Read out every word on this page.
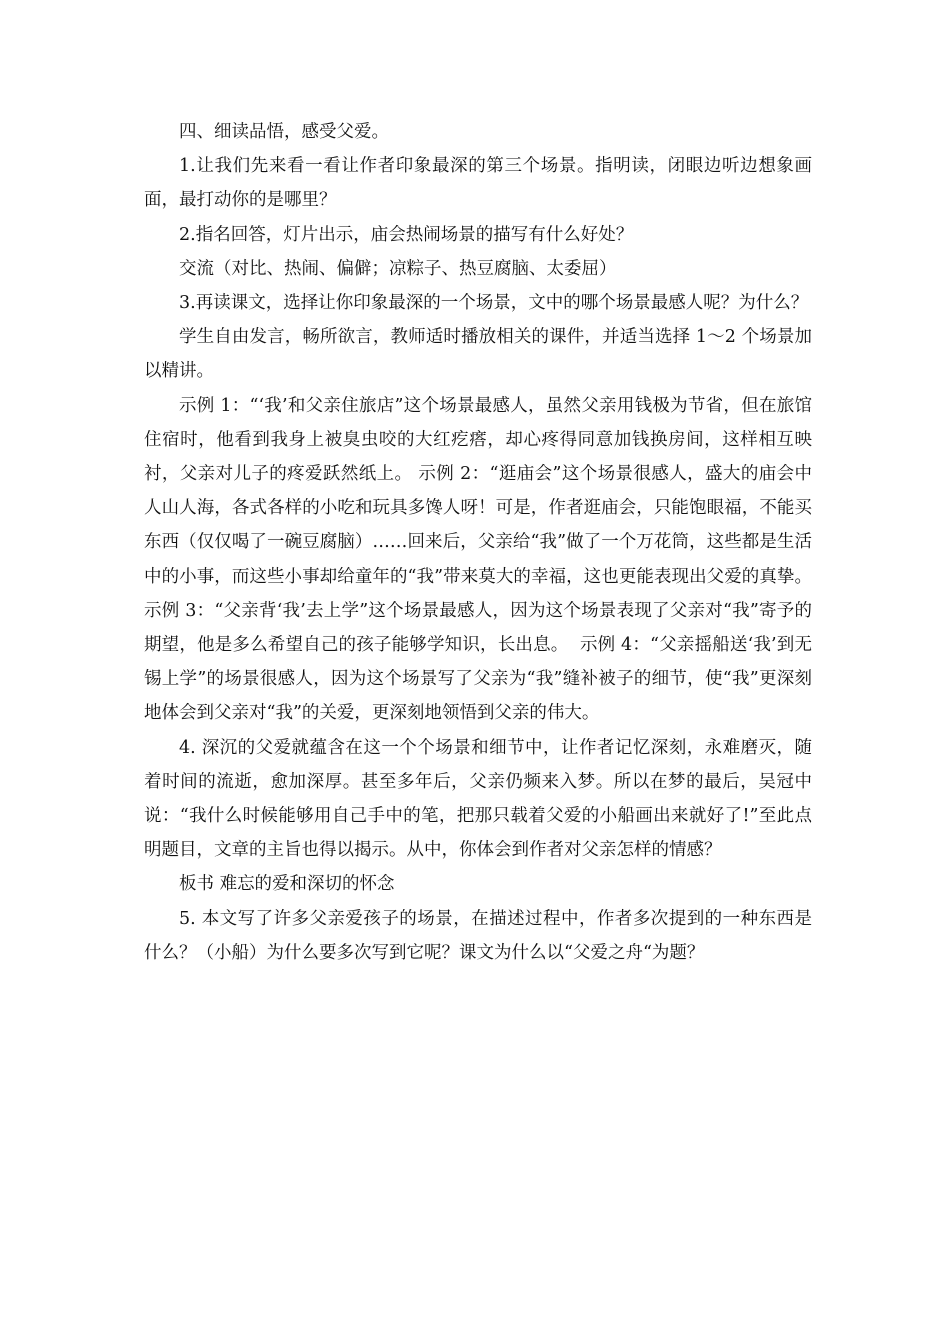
四、细读品悟，感受父爱。

1.让我们先来看一看让作者印象最深的第三个场景。指明读，闭眼边听边想象画面，最打动你的是哪里？

2.指名回答，灯片出示，庙会热闹场景的描写有什么好处？

交流（对比、热闹、偏僻；凉粽子、热豆腐脑、太委屈）

3.再读课文，选择让你印象最深的一个场景，文中的哪个场景最感人呢？为什么？

学生自由发言，畅所欲言，教师适时播放相关的课件，并适当选择 1～2 个场景加以精讲。

示例 1：“‘我’和父亲住旅店”这个场景最感人，虽然父亲用钱极为节省，但在旅馆住宿时，他看到我身上被臭虫咬的大红疙瘩，却心疼得同意加钱换房间，这样相互映衬，父亲对儿子的疼爱跃然纸上。 示例 2：“逛庙会”这个场景很感人，盛大的庙会中人山人海，各式各样的小吃和玩具多馋人呀！可是，作者逛庙会，只能饱眼福，不能买东西（仅仅喝了一碗豆腐脑）……回来后，父亲给“我”做了一个万花筒，这些都是生活中的小事，而这些小事却给童年的“我”带来莫大的幸福，这也更能表现出父爱的真挚。  示例 3：“父亲背‘我’去上学”这个场景最感人，因为这个场景表现了父亲对“我”寄予的期望，他是多么希望自己的孩子能够学知识，长出息。  示例 4：“父亲摇船送‘我’到无锡上学”的场景很感人，因为这个场景写了父亲为“我”缝补被子的细节，使“我”更深刻地体会到父亲对“我”的关爱，更深刻地领悟到父亲的伟大。

4. 深沉的父爱就蕴含在这一个个场景和细节中，让作者记忆深刻，永难磨灭，随着时间的流逝，愈加深厚。甚至多年后，父亲仍频来入梦。所以在梦的最后，吴冠中说：“我什么时候能够用自己手中的笔，把那只载着父爱的小船画出来就好了!”至此点明题目，文章的主旨也得以揭示。从中，你体会到作者对父亲怎样的情感？

板书 难忘的爱和深切的怀念

5. 本文写了许多父亲爱孩子的场景，在描述过程中，作者多次提到的一种东西是什么？（小船）为什么要多次写到它呢？课文为什么以“父爱之舟“为题？
